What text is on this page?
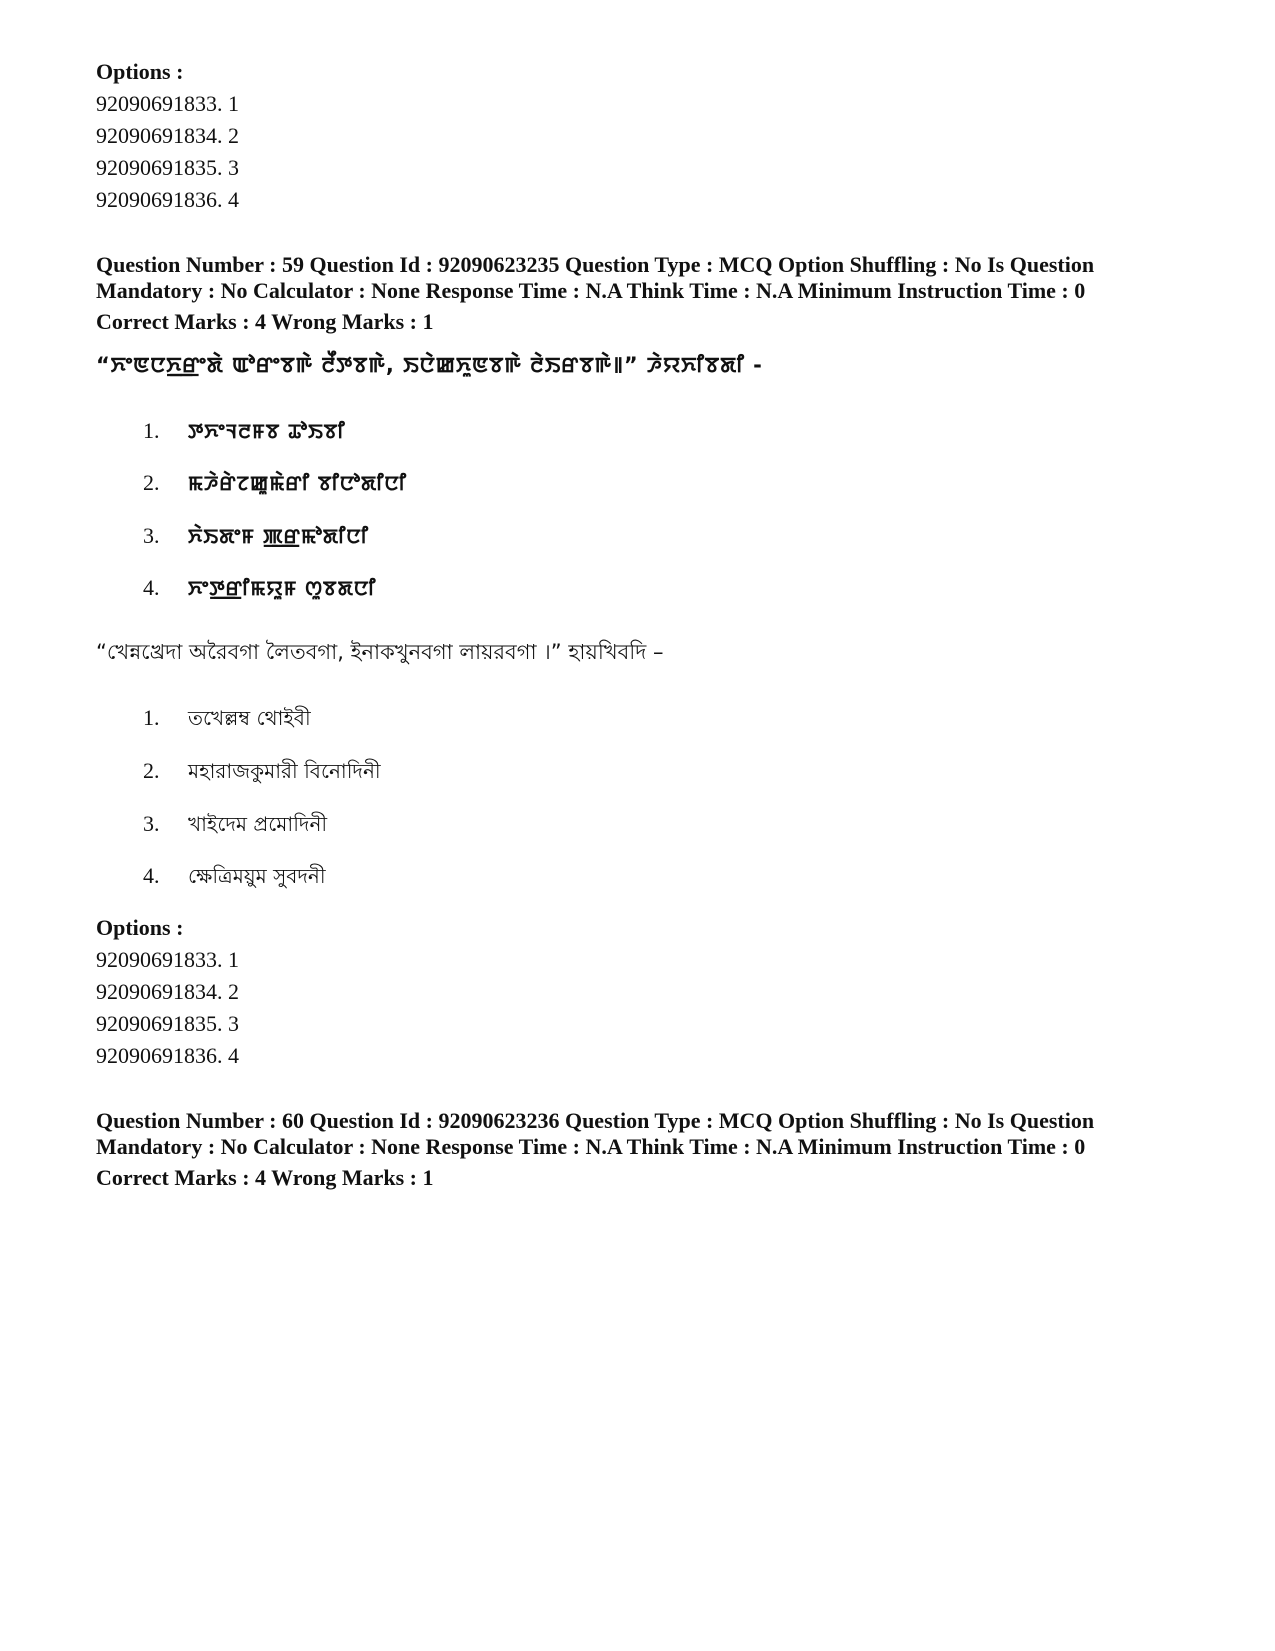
Options :
92090691833. 1
92090691834. 2
92090691835. 3
92090691836. 4
Question Number : 59 Question Id : 92090623235 Question Type : MCQ Option Shuffling : No Is Question
Mandatory : No Calculator : None Response Time : N.A Think Time : N.A Minimum Instruction Time : 0
Correct Marks : 4 Wrong Marks : 1
“ꯈꯦꯟꯅꯈ꯭ꯔꯦꯗꯥ ꯑꯣꯔꯦꯕꯒꯥ ꯂꯩꯇꯕꯒꯥ, ꯏꯅꯥꯀꯈꯨꯟꯕꯒꯥ ꯂꯥꯏꯔꯕꯒꯥ꯫” ꯍꯥꯌꯈꯤꯕꯗꯤ -
1.	ꯇꯈꯦꯜꯂꯝꯕ ꯊꯣꯏꯕꯤ
2.	ꯃꯍꯥꯔꯥꯖꯀꯨꯃꯥꯔꯤ ꯕꯤꯅꯣꯗꯤꯅꯤ
3.	ꯈꯥꯏꯗꯦꯝ ꯄ꯭ꯔꯃꯣꯗꯤꯅꯤ
4.	ꯈꯦꯇ꯭ꯔꯤꯃꯌꯨꯝ ꯁꯨꯕꯗꯅꯤ
“খেন্নখ্রেদা অরৈবগা লৈতবগা, ইনাকখুনবগা লায়রবগা ।” হায়খিবদি –
1.	তখেল্লম্ব থোইবী
2.	মহারাজকুমারী বিনোদিনী
3.	খাইদেম প্রমোদিনী
4.	ক্ষেত্রিময়ুম সুবদনী
Options :
92090691833. 1
92090691834. 2
92090691835. 3
92090691836. 4
Question Number : 60 Question Id : 92090623236 Question Type : MCQ Option Shuffling : No Is Question
Mandatory : No Calculator : None Response Time : N.A Think Time : N.A Minimum Instruction Time : 0
Correct Marks : 4 Wrong Marks : 1
